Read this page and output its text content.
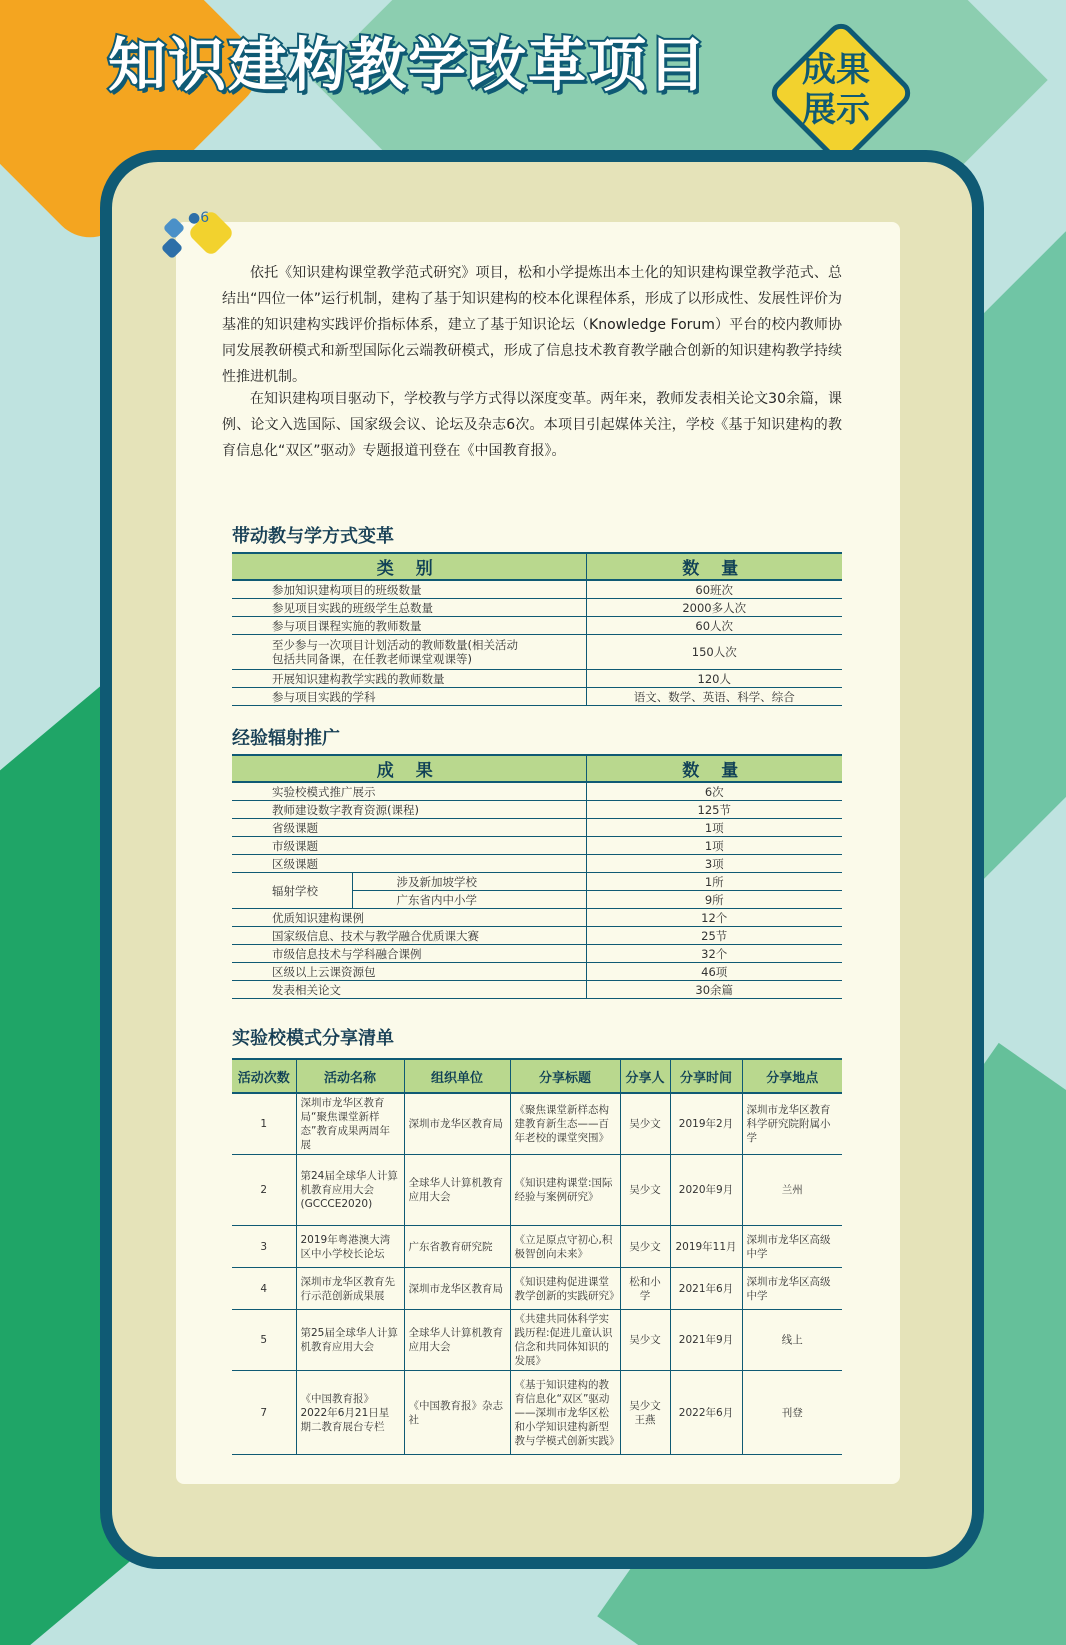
知识建构教学改革项目	成果
展示
●6
依托《知识建构课堂教学范式研究》项目，松和小学提炼出本土化的知识建构课堂教学范式、总结出“四位一体”运行机制，建构了基于知识建构的校本化课程体系，形成了以形成性、发展性评价为基准的知识建构实践评价指标体系，建立了基于知识论坛（Knowledge Forum）平台的校内教师协同发展教研模式和新型国际化云端教研模式，形成了信息技术教育教学融合创新的知识建构教学持续性推进机制。
在知识建构项目驱动下，学校教与学方式得以深度变革。两年来，教师发表相关论文30余篇，课例、论文入选国际、国家级会议、论坛及杂志6次。本项目引起媒体关注，学校《基于知识建构的教育信息化“双区”驱动》专题报道刊登在《中国教育报》。
带动教与学方式变革
类 别	数 量
参加知识建构项目的班级数量	60班次
参见项目实践的班级学生总数量	2000多人次
参与项目课程实施的教师数量	60人次
至少参与一次项目计划活动的教师数量(相关活动包括共同备课，在任教老师课堂观课等)	150人次
开展知识建构教学实践的教师数量	120人
参与项目实践的学科	语文、数学、英语、科学、综合
经验辐射推广
成 果		数 量
实验校模式推广展示		6次
教师建设数字教育资源(课程)		125节
省级课题		1项
市级课题		1项
区级课题		3项
辐射学校	涉及新加坡学校	1所
	广东省内中小学	9所
优质知识建构课例		12个
国家级信息、技术与教学融合优质课大赛		25节
市级信息技术与学科融合课例		32个
区级以上云课资源包		46项
发表相关论文		30余篇
实验校模式分享清单
活动次数	活动名称	组织单位	分享标题	分享人	分享时间	分享地点
1	深圳市龙华区教育局“聚焦课堂新样态”教育成果两周年展	深圳市龙华区教育局	《聚焦课堂新样态构建教育新生态——百年老校的课堂突围》	吴少文	2019年2月	深圳市龙华区教育科学研究院附属小学
2	第24届全球华人计算机教育应用大会(GCCCE2020)	全球华人计算机教育应用大会	《知识建构课堂:国际经验与案例研究》	吴少文	2020年9月	兰州
3	2019年粤港澳大湾区中小学校长论坛	广东省教育研究院	《立足原点守初心,积极智创向未来》	吴少文	2019年11月	深圳市龙华区高级中学
4	深圳市龙华区教育先行示范创新成果展	深圳市龙华区教育局	《知识建构促进课堂教学创新的实践研究》	松和小学	2021年6月	深圳市龙华区高级中学
5	第25届全球华人计算机教育应用大会	全球华人计算机教育应用大会	《共建共同体科学实践历程:促进儿童认识信念和共同体知识的发展》	吴少文	2021年9月	线上
7	《中国教育报》2022年6月21日星期二教育展台专栏	《中国教育报》杂志社	《基于知识建构的教育信息化“双区”驱动——深圳市龙华区松和小学知识建构新型教与学模式创新实践》	吴少文 王燕	2022年6月	刊登
